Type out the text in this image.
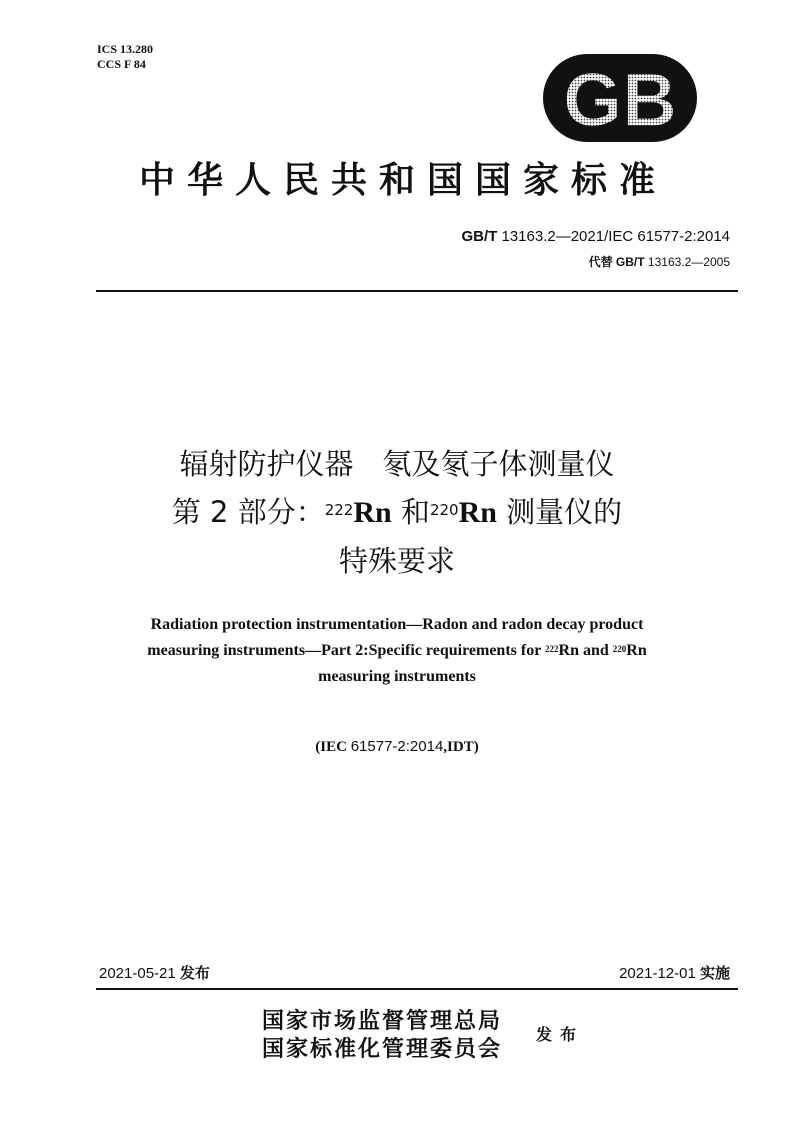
ICS 13.280
CCS F 84	GB
中华人民共和国国家标准
GB/T 13163.2—2021/IEC 61577-2:2014
代替 GB/T 13163.2—2005
辐射防护仪器　氡及氡子体测量仪
第 2 部分：$^{222}$Rn 和$^{220}$Rn 测量仪的
特殊要求
Radiation protection instrumentation—Radon and radon decay product
measuring instruments—Part 2:Specific requirements for $^{222}$Rn and $^{220}$Rn
measuring instruments
(IEC 61577-2:2014,IDT)
2021-05-21 发布	2021-12-01 实施
国家市场监督管理总局
国家标准化管理委员会
发布
